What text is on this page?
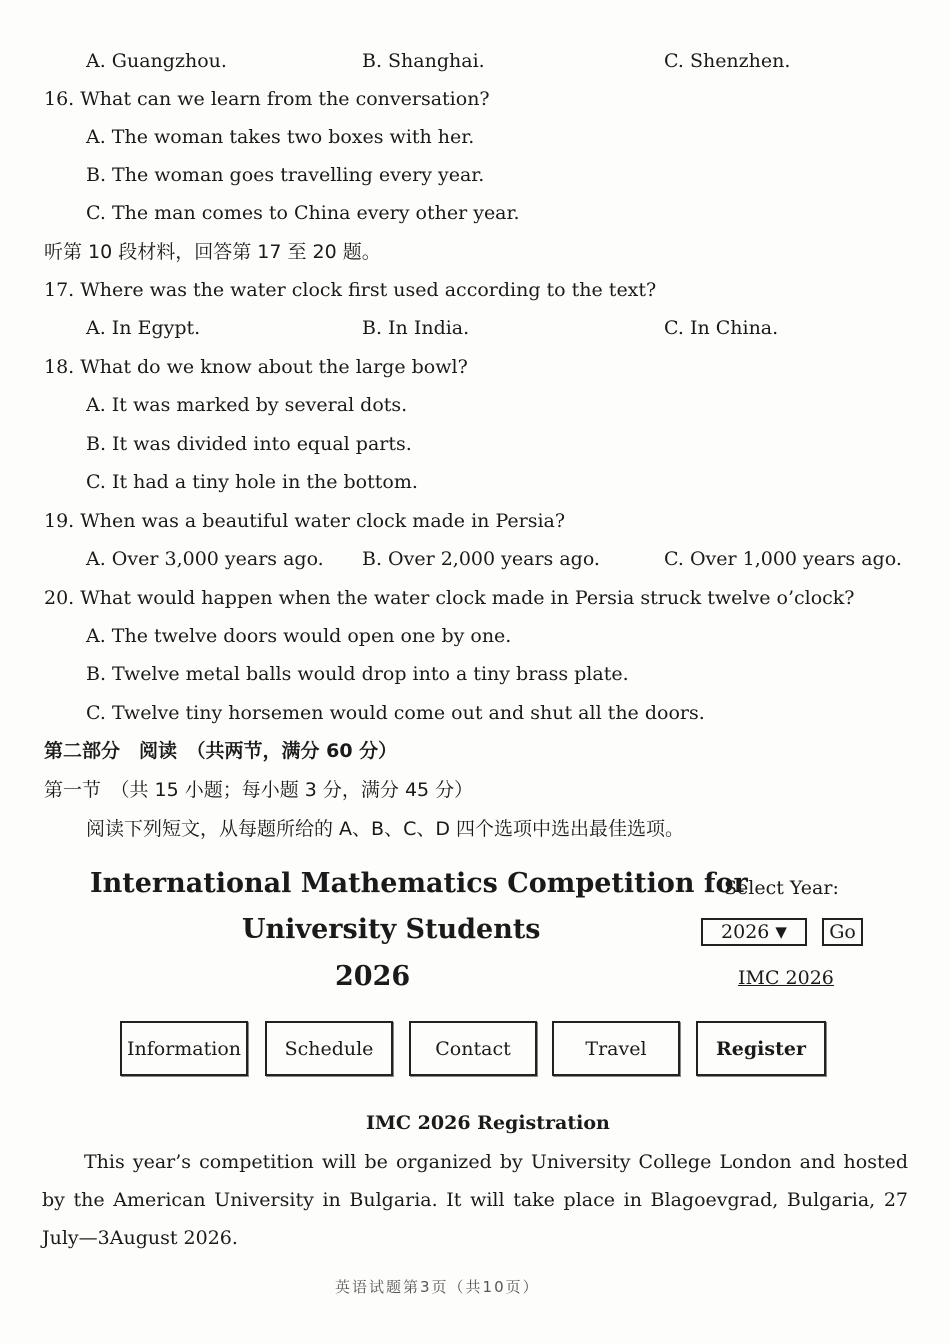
A. Guangzhou.	B. Shanghai.	C. Shenzhen.
16. What can we learn from the conversation?
A. The woman takes two boxes with her.
B. The woman goes travelling every year.
C. The man comes to China every other year.
听第 10 段材料，回答第 17 至 20 题。
17. Where was the water clock first used according to the text?
A. In Egypt.	B. In India.	C. In China.
18. What do we know about the large bowl?
A. It was marked by several dots.
B. It was divided into equal parts.
C. It had a tiny hole in the bottom.
19. When was a beautiful water clock made in Persia?
A. Over 3,000 years ago. B. Over 2,000 years ago.	C. Over 1,000 years ago.
20. What would happen when the water clock made in Persia struck twelve o’clock?
A. The twelve doors would open one by one.
B. Twelve metal balls would drop into a tiny brass plate.
C. Twelve tiny horsemen would come out and shut all the doors.
第二部分　阅读　（共两节，满分 60 分）
第一节　（共 15 小题；每小题 3 分，满分 45 分）
阅读下列短文，从每题所给的 A、B、C、D 四个选项中选出最佳选项。
International Mathematics Competition for
University Students
2026
Select Year:
2026 ▼	Go
IMC 2026
Information	Schedule	Contact	Travel	Register
IMC 2026 Registration
This year’s competition will be organized by University College London and hosted by the American University in Bulgaria. It will take place in Blagoevgrad, Bulgaria, 27 July—3August 2026.
英语试题第3页（共10页）
